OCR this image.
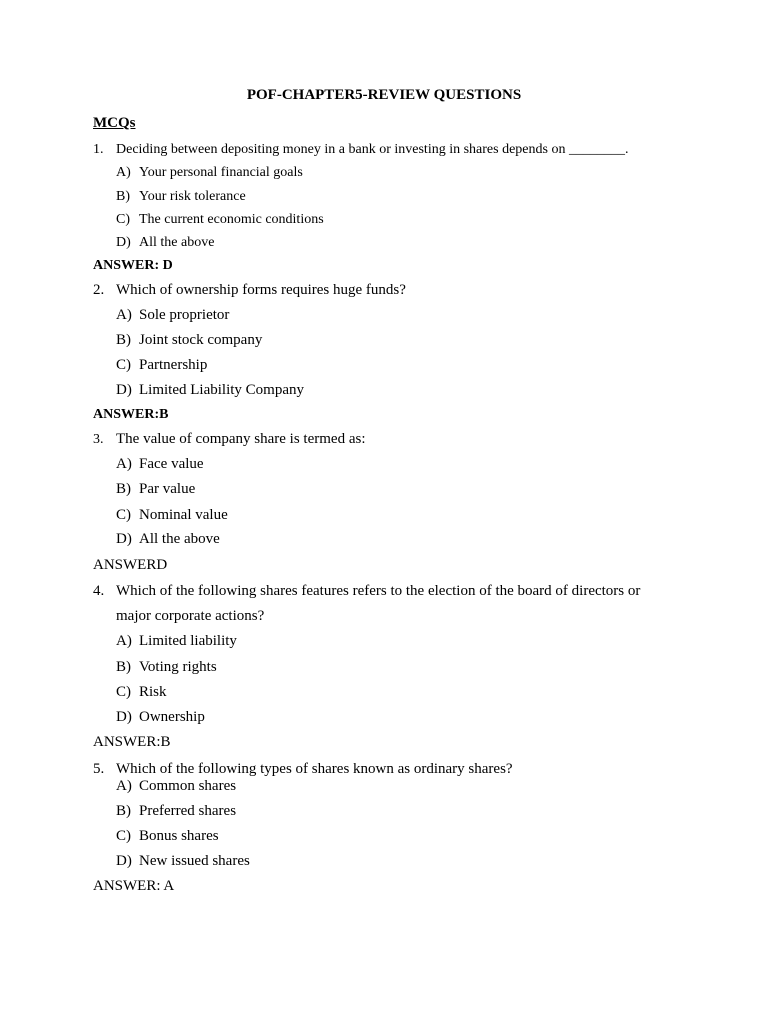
POF-CHAPTER5-REVIEW QUESTIONS
MCQs
1. Deciding between depositing money in a bank or investing in shares depends on ________.
A) Your personal financial goals
B) Your risk tolerance
C) The current economic conditions
D) All the above
ANSWER: D
2. Which of ownership forms requires huge funds?
A) Sole proprietor
B) Joint stock company
C) Partnership
D) Limited Liability Company
ANSWER:B
3. The value of company share is termed as:
A) Face value
B) Par value
C) Nominal value
D) All the above
ANSWERD
4. Which of the following shares features refers to the election of the board of directors or
major corporate actions?
A) Limited liability
B) Voting rights
C) Risk
D) Ownership
ANSWER:B
5. Which of the following types of shares known as ordinary shares?
A) Common shares
B) Preferred shares
C) Bonus shares
D) New issued shares
ANSWER: A
